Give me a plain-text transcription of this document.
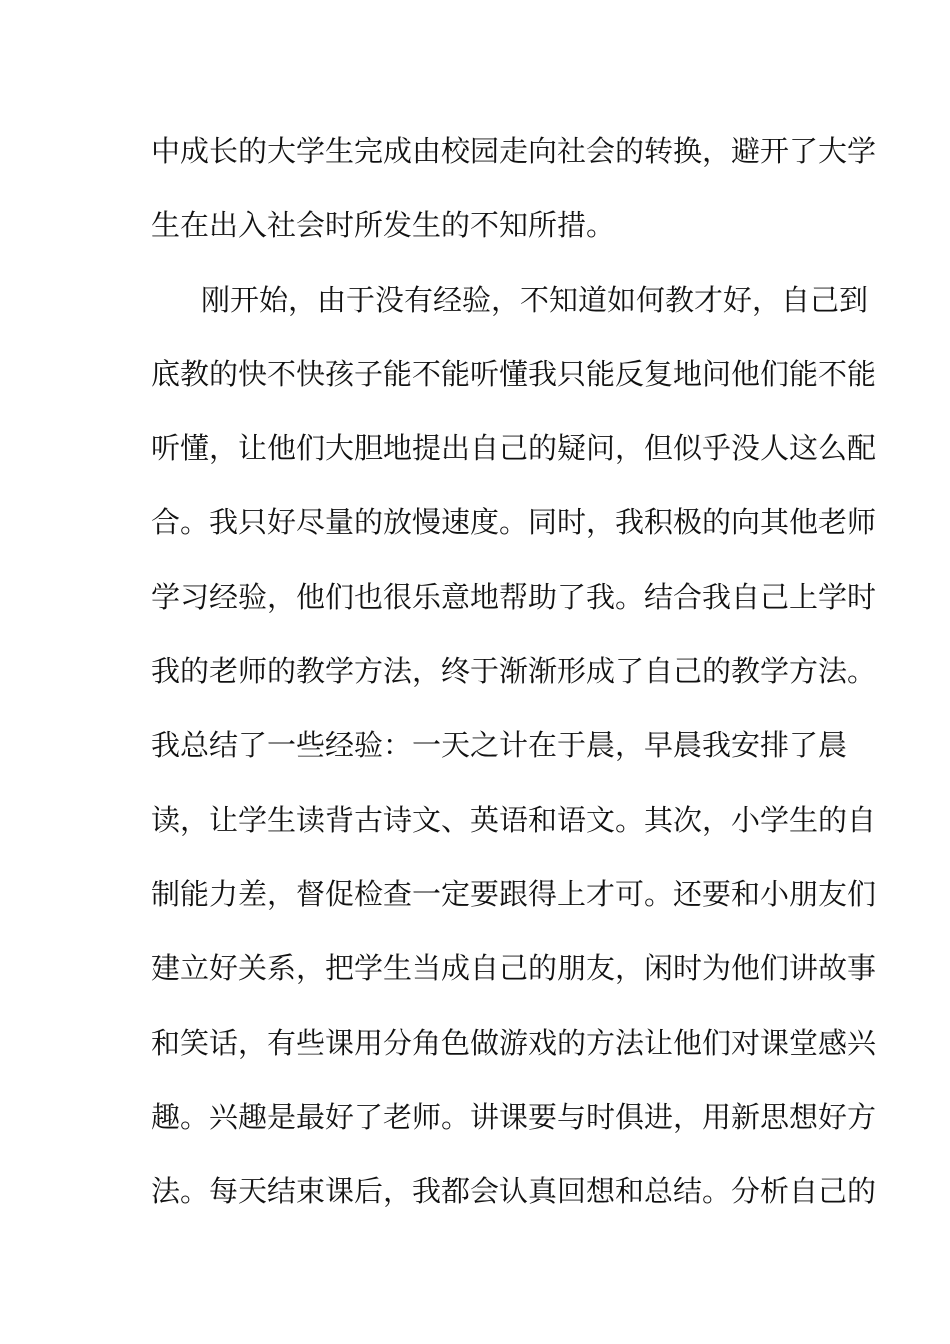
中成长的大学生完成由校园走向社会的转换，避开了大学
生在出入社会时所发生的不知所措。
刚开始，由于没有经验，不知道如何教才好，自己到
底教的快不快孩子能不能听懂我只能反复地问他们能不能
听懂，让他们大胆地提出自己的疑问，但似乎没人这么配
合。我只好尽量的放慢速度。同时，我积极的向其他老师
学习经验，他们也很乐意地帮助了我。结合我自己上学时
我的老师的教学方法，终于渐渐形成了自己的教学方法。
我总结了一些经验：一天之计在于晨，早晨我安排了晨
读，让学生读背古诗文、英语和语文。其次，小学生的自
制能力差，督促检查一定要跟得上才可。还要和小朋友们
建立好关系，把学生当成自己的朋友，闲时为他们讲故事
和笑话，有些课用分角色做游戏的方法让他们对课堂感兴
趣。兴趣是最好了老师。讲课要与时俱进，用新思想好方
法。每天结束课后，我都会认真回想和总结。分析自己的
